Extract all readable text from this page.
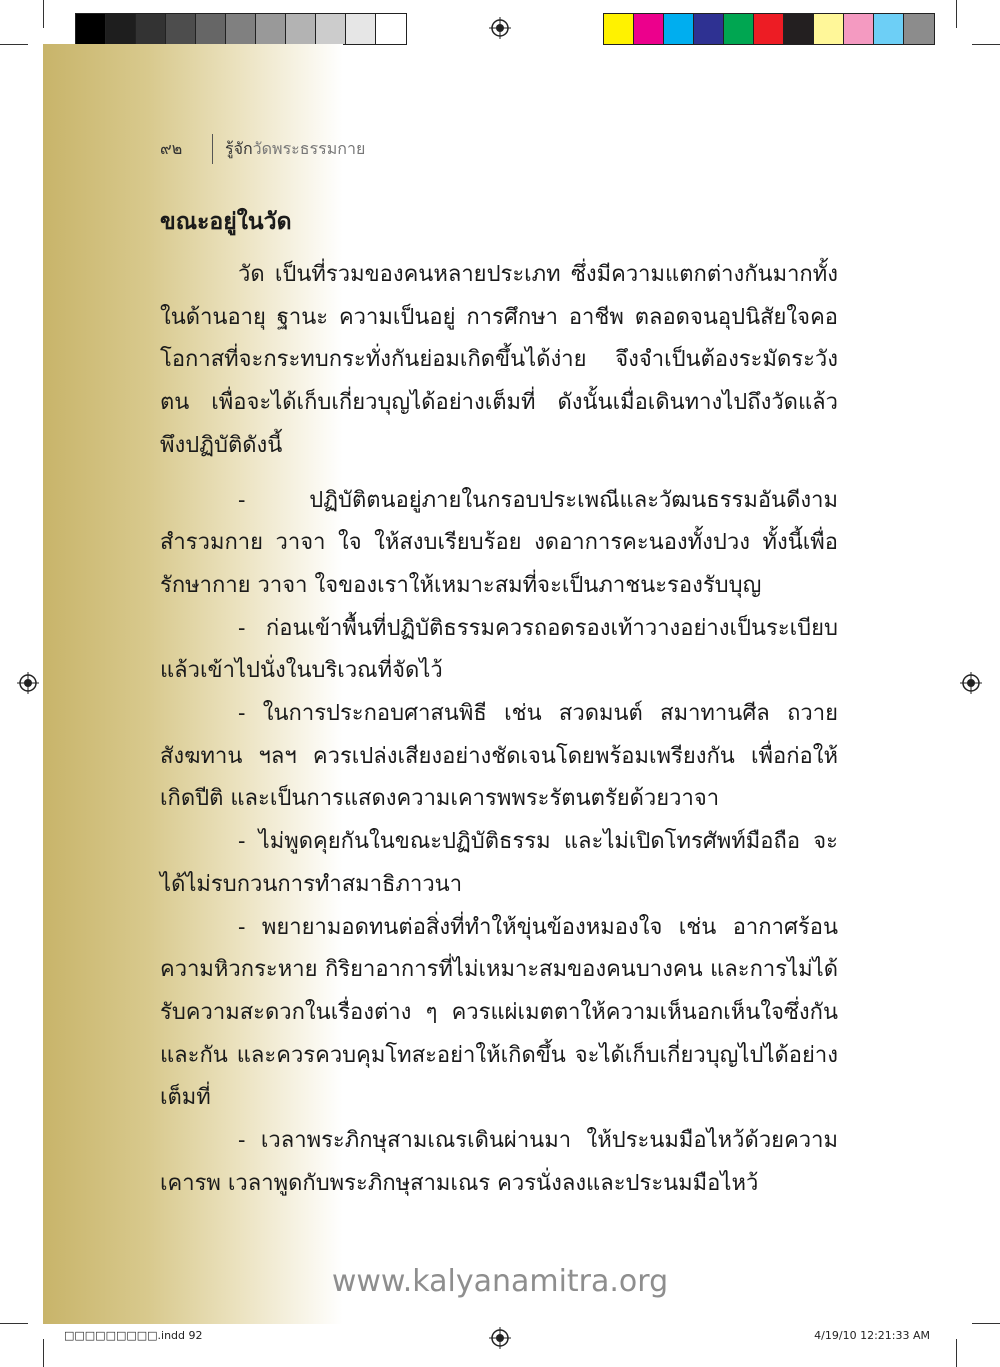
๙๒	รู้จัก วัดพระธรรมกาย
ขณะอยู่ในวัด

วัด เป็นที่รวมของคนหลายประเภท ซึ่งมีความแตกต่างกันมากทั้งในด้านอายุ ฐานะ ความเป็นอยู่ การศึกษา อาชีพ ตลอดจนอุปนิสัยใจคอ โอกาสที่จะกระทบกระทั่งกันย่อมเกิดขึ้นได้ง่าย จึงจำเป็นต้องระมัดระวังตน เพื่อจะได้เก็บเกี่ยวบุญได้อย่างเต็มที่ ดังนั้นเมื่อเดินทางไปถึงวัดแล้ว พึงปฏิบัติดังนี้

- ปฏิบัติตนอยู่ภายในกรอบประเพณีและวัฒนธรรมอันดีงาม สำรวมกาย วาจา ใจ ให้สงบเรียบร้อย งดอาการคะนองทั้งปวง ทั้งนี้เพื่อรักษากาย วาจา ใจของเราให้เหมาะสมที่จะเป็นภาชนะรองรับบุญ

- ก่อนเข้าพื้นที่ปฏิบัติธรรมควรถอดรองเท้าวางอย่างเป็นระเบียบ แล้วเข้าไปนั่งในบริเวณที่จัดไว้

- ในการประกอบศาสนพิธี เช่น สวดมนต์ สมาทานศีล ถวายสังฆทาน ฯลฯ ควรเปล่งเสียงอย่างชัดเจนโดยพร้อมเพรียงกัน เพื่อก่อให้เกิดปีติ และเป็นการแสดงความเคารพพระรัตนตรัยด้วยวาจา

- ไม่พูดคุยกันในขณะปฏิบัติธรรม และไม่เปิดโทรศัพท์มือถือ จะได้ไม่รบกวนการทำสมาธิภาวนา

- พยายามอดทนต่อสิ่งที่ทำให้ขุ่นข้องหมองใจ เช่น อากาศร้อน ความหิวกระหาย กิริยาอาการที่ไม่เหมาะสมของคนบางคน และการไม่ได้รับความสะดวกในเรื่องต่าง ๆ ควรแผ่เมตตาให้ความเห็นอกเห็นใจซึ่งกันและกัน และควรควบคุมโทสะอย่าให้เกิดขึ้น จะได้เก็บเกี่ยวบุญไปได้อย่างเต็มที่

- เวลาพระภิกษุสามเณรเดินผ่านมา ให้ประนมมือไหว้ด้วยความเคารพ เวลาพูดกับพระภิกษุสามเณร ควรนั่งลงและประนมมือไหว้

www.kalyanamitra.org
□□□□□□□□□.indd 92	4/19/10 12:21:33 AM
